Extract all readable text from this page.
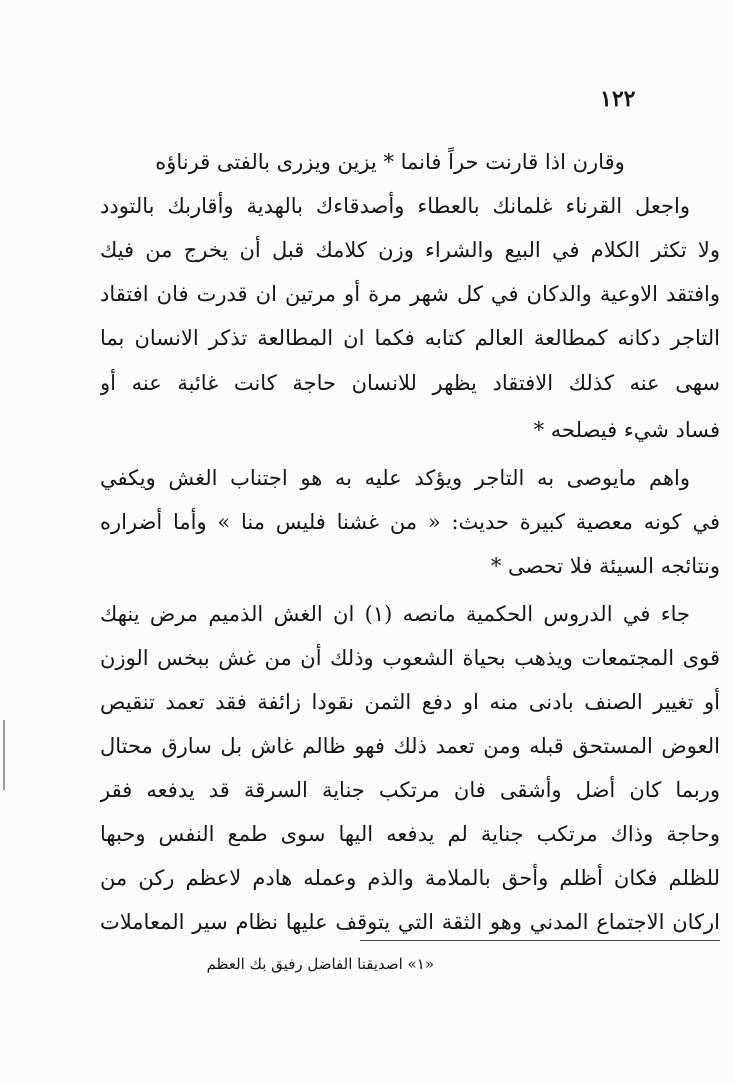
١٢٢
وقارن اذا قارنت حراً فانما * يزين ويزرى بالفتى قرناؤه
واجعل القرناء غلمانك بالعطاء وأصدقاءك بالهدية وأقاربك بالتودد
ولا تكثر الكلام في البيع والشراء وزن كلامك قبل أن يخرج من فيك
وافتقد الاوعية والدكان في كل شهر مرة أو مرتين ان قدرت فان افتقاد
التاجر دكانه كمطالعة العالم كتابه فكما ان المطالعة تذكر الانسان بما
سهى عنه كذلك الافتقاد يظهر للانسان حاجة كانت غائبة عنه أو
فساد شيء فيصلحه *
واهم مايوصى به التاجر ويؤكد عليه به هو اجتناب الغش ويكفي
في كونه معصية كبيرة حديث: « من غشنا فليس منا » وأما أضراره
ونتائجه السيئة فلا تحصى *
جاء في الدروس الحكمية مانصه (١) ان الغش الذميم مرض ينهك
قوى المجتمعات ويذهب بحياة الشعوب وذلك أن من غش ببخس الوزن
أو تغيير الصنف بادنى منه او دفع الثمن نقودا زائفة فقد تعمد تنقيص
العوض المستحق قبله ومن تعمد ذلك فهو ظالم غاش بل سارق محتال
وربما كان أضل وأشقى فان مرتكب جناية السرقة قد يدفعه فقر
وحاجة وذاك مرتكب جناية لم يدفعه اليها سوى طمع النفس وحبها
للظلم فكان أظلم وأحق بالملامة والذم وعمله هادم لاعظم ركن من
اركان الاجتماع المدني وهو الثقة التي يتوقف عليها نظام سير المعاملات
«١» اصديقنا الفاضل رفيق بك العظم
